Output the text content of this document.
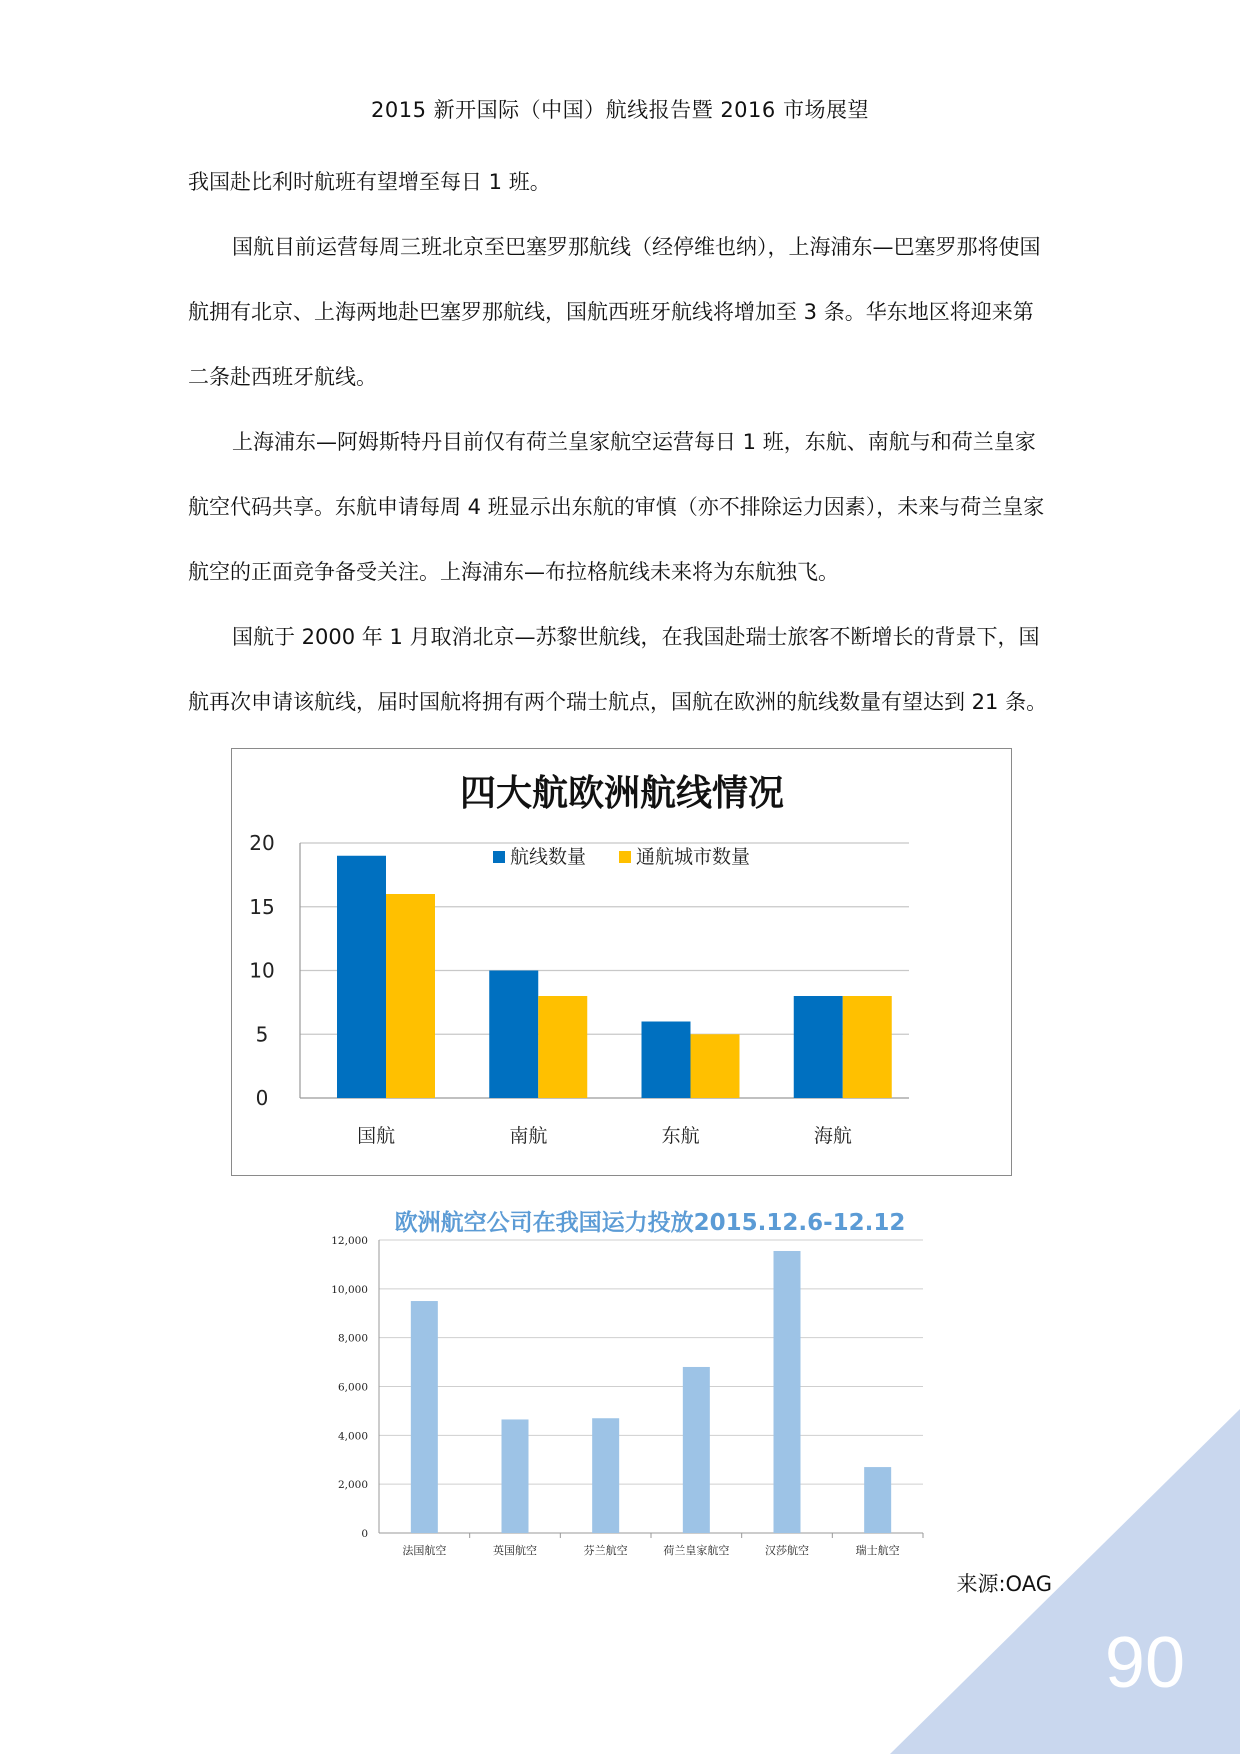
2015 新开国际（中国）航线报告暨 2016 市场展望

我国赴比利时航班有望增至每日 1 班。

国航目前运营每周三班北京至巴塞罗那航线（经停维也纳），上海浦东—巴塞罗那将使国航拥有北京、上海两地赴巴塞罗那航线，国航西班牙航线将增加至 3 条。华东地区将迎来第二条赴西班牙航线。

上海浦东—阿姆斯特丹目前仅有荷兰皇家航空运营每日 1 班，东航、南航与和荷兰皇家航空代码共享。东航申请每周 4 班显示出东航的审慎（亦不排除运力因素），未来与荷兰皇家航空的正面竞争备受关注。上海浦东—布拉格航线未来将为东航独飞。

国航于 2000 年 1 月取消北京—苏黎世航线，在我国赴瑞士旅客不断增长的背景下，国航再次申请该航线，届时国航将拥有两个瑞士航点，国航在欧洲的航线数量有望达到 21 条。

四大航欧洲航线情况
航线数量	通航城市数量
0
5
10
15
20
国航	南航	东航	海航
欧洲航空公司在我国运力投放2015.12.6-12.12
0
2,000
4,000
6,000
8,000
10,000
12,000
法国航空	英国航空	芬兰航空	荷兰皇家航空	汉莎航空	瑞士航空
来源:OAG
90
